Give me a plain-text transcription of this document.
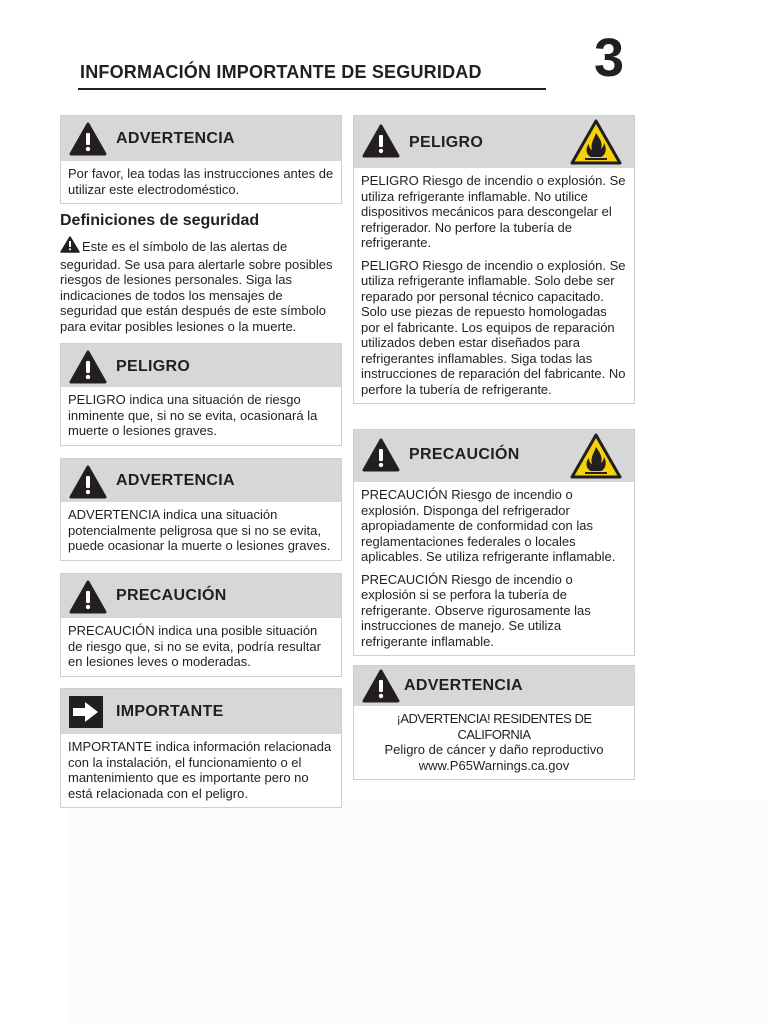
INFORMACIÓN IMPORTANTE DE SEGURIDAD 3
ADVERTENCIA
Por favor, lea todas las instrucciones antes de utilizar este electrodoméstico.
Definiciones de seguridad
Este es el símbolo de las alertas de seguridad. Se usa para alertarle sobre posibles riesgos de lesiones personales. Siga las indicaciones de todos los mensajes de seguridad que están después de este símbolo para evitar posibles lesiones o la muerte.
PELIGRO
PELIGRO indica una situación de riesgo inminente que, si no se evita, ocasionará la muerte o lesiones graves.
ADVERTENCIA
ADVERTENCIA indica una situación potencialmente peligrosa que si no se evita, puede ocasionar la muerte o lesiones graves.
PRECAUCIÓN
PRECAUCIÓN indica una posible situación de riesgo que, si no se evita, podría resultar en lesiones leves o moderadas.
IMPORTANTE
IMPORTANTE indica información relacionada con la instalación, el funcionamiento o el mantenimiento que es importante pero no está relacionada con el peligro.
PELIGRO

PELIGRO Riesgo de incendio o explosión. Se utiliza refrigerante inflamable. No utilice dispositivos mecánicos para descongelar el refrigerador. No perfore la tubería de refrigerante.

PELIGRO Riesgo de incendio o explosión. Se utiliza refrigerante inflamable. Solo debe ser reparado por personal técnico capacitado. Solo use piezas de repuesto homologadas por el fabricante. Los equipos de reparación utilizados deben estar diseñados para refrigerantes inflamables. Siga todas las instrucciones de reparación del fabricante. No perfore la tubería de refrigerante.

PRECAUCIÓN

PRECAUCIÓN Riesgo de incendio o explosión. Disponga del refrigerador apropiadamente de conformidad con las reglamentaciones federales o locales aplicables. Se utiliza refrigerante inflamable.

PRECAUCIÓN Riesgo de incendio o explosión si se perfora la tubería de refrigerante. Observe rigurosamente las instrucciones de manejo. Se utiliza refrigerante inflamable.

ADVERTENCIA

¡ADVERTENCIA! RESIDENTES DE CALIFORNIA

Peligro de cáncer y daño reproductivo

www.P65Warnings.ca.gov
